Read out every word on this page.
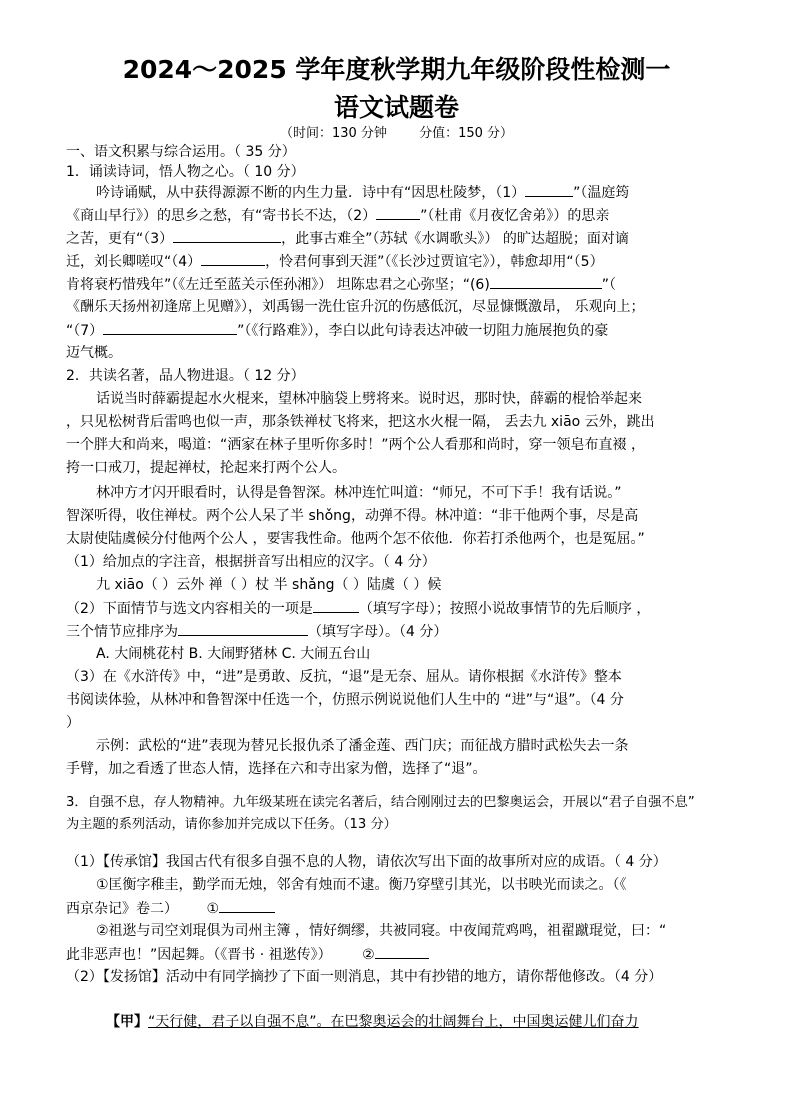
2024～2025 学年度秋学期九年级阶段性检测一
语文试题卷
（时间：130 分钟 分值：150 分）
一、语文积累与综合运用。（ 35 分）
1．诵读诗词，悟人物之心。（ 10 分）
吟诗诵赋，从中获得源源不断的内生力量．诗中有“因思杜陵梦，（1）	”（温庭筠
《商山早行》）的思乡之愁，有“寄书长不达，（2）	”（杜甫《月夜忆舍弟》）的思亲
之苦，更有“（3）	，此事古难全”（苏轼《水调歌头》） 的旷达超脱；面对谪
迁，刘长卿嗟叹“（4）	，怜君何事到天涯”（《长沙过贾谊宅》），韩愈却用“（5）
肯将衰朽惜残年”（《左迁至蓝关示侄孙湘》） 坦陈忠君之心弥坚；“(6)	”（
《酬乐天扬州初逢席上见赠》），刘禹锡一洗仕宦升沉的伤感低沉，尽显慷慨激昂， 乐观向上；
“（7）	”（《行路难》），李白以此句诗表达冲破一切阻力施展抱负的豪
迈气概。
2．共读名著，品人物进退。（ 12 分）
话说当时薛霸提起水火棍来，望林冲脑袋上劈将来。说时迟，那时快，薛霸的棍恰举起来
，只见松树背后雷鸣也似一声，那条铁禅杖飞将来，把这水火棍一隔， 丢去九 xiāo 云外，跳出
一个胖大和尚来，喝道：“洒家在林子里听你多时！”两个公人看那和尚时，穿一领皂布直裰 ，
挎一口戒刀，提起禅杖，抡起来打两个公人。
林冲方才闪开眼看时，认得是鲁智深。林冲连忙叫道：“师兄，不可下手！我有话说。”
智深听得，收住禅杖。两个公人呆了半 shǒng，动弹不得。林冲道：“非干他两个事，尽是高
太尉使陆虞候分付他两个公人 ，要害我性命。他两个怎不依他．你若打杀他两个，也是冤屈。”
（1）给加点的字注音，根据拼音写出相应的汉字。（ 4 分）
九 xiāo（ ）云外 禅（ ）杖 半 shǎng（ ）陆虞（ ）候
（2）下面情节与选文内容相关的一项是	（填写字母）；按照小说故事情节的先后顺序 ，
三个情节应排序为	（填写字母）。（4 分）
A. 大闹桃花村 B. 大闹野猪林 C. 大闹五台山
（3）在《水浒传》中，“进”是勇敢、反抗，“退”是无奈、屈从。请你根据《水浒传》整本
书阅读体验，从林冲和鲁智深中任选一个，仿照示例说说他们人生中的 “进”与“退”。（4 分
）
示例：武松的“进”表现为替兄长报仇杀了潘金莲、西门庆；而征战方腊时武松失去一条
手臂，加之看透了世态人情，选择在六和寺出家为僧，选择了“退”。
3．自强不息，存人物精神。九年级某班在读完名著后，结合刚刚过去的巴黎奥运会，开展以“君子自强不息”
为主题的系列活动，请你参加并完成以下任务。（13 分）
（1）【传承馆】我国古代有很多自强不息的人物，请依次写出下面的故事所对应的成语。（ 4 分）
①匡衡字稚圭，勤学而无烛，邻舍有烛而不逮。衡乃穿壁引其光，以书映光而读之。（《
西京杂记》卷二） ①
②祖逖与司空刘琨俱为司州主簿 ，情好绸缪，共被同寝。中夜闻荒鸡鸣，祖翟蹴琨觉，曰：“
此非恶声也！”因起舞。（《晋书 · 祖逖传》） ②
（2）【发扬馆】活动中有同学摘抄了下面一则消息，其中有抄错的地方，请你帮他修改。（4 分）
【甲】“天行健，君子以自强不息”。在巴黎奥运会的壮阔舞台上，中国奥运健儿们奋力
